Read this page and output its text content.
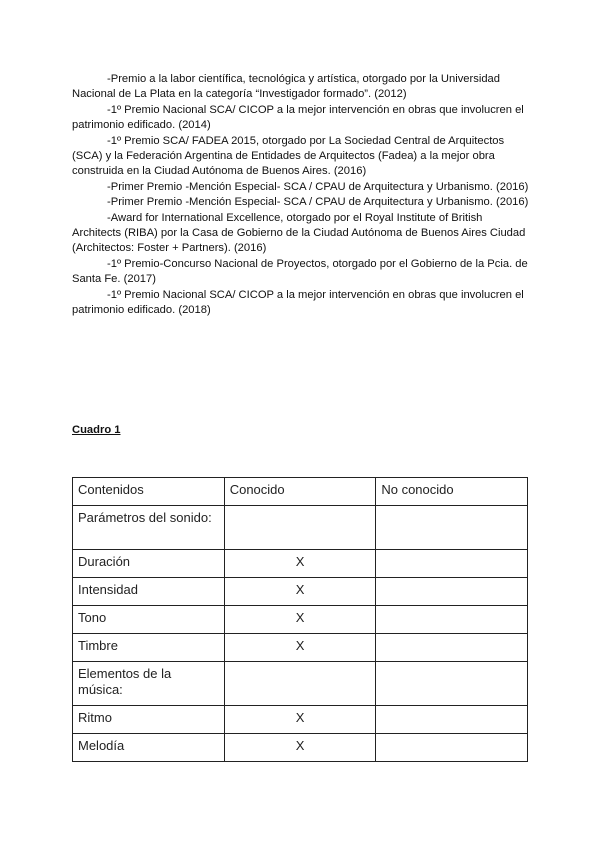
-Premio a la labor científica, tecnológica y artística, otorgado por la Universidad Nacional de La Plata en la categoría “Investigador formado”. (2012)

-1º Premio Nacional SCA/ CICOP a la mejor intervención en obras que involucren el patrimonio edificado. (2014)

-1º Premio SCA/ FADEA 2015, otorgado por La Sociedad Central de Arquitectos (SCA) y la Federación Argentina de Entidades de Arquitectos (Fadea) a la mejor obra construida en la Ciudad Autónoma de Buenos Aires. (2016)

-Primer Premio -Mención Especial- SCA / CPAU de Arquitectura y Urbanismo. (2016)

-Primer Premio -Mención Especial- SCA / CPAU de Arquitectura y Urbanismo. (2016)

-Award for International Excellence, otorgado por el Royal Institute of British Architects (RIBA) por la Casa de Gobierno de la Ciudad Autónoma de Buenos Aires Ciudad (Architectos: Foster + Partners). (2016)

-1º Premio-Concurso Nacional de Proyectos, otorgado por el Gobierno de la Pcia. de Santa Fe. (2017)

-1º Premio Nacional SCA/ CICOP a la mejor intervención en obras que involucren el patrimonio edificado. (2018)

Cuadro 1
Contenidos	Conocido	No conocido
Parámetros del sonido:		
Duración	X	
Intensidad	X	
Tono	X	
Timbre	X	
Elementos de la música:		
Ritmo	X	
Melodía	X	
